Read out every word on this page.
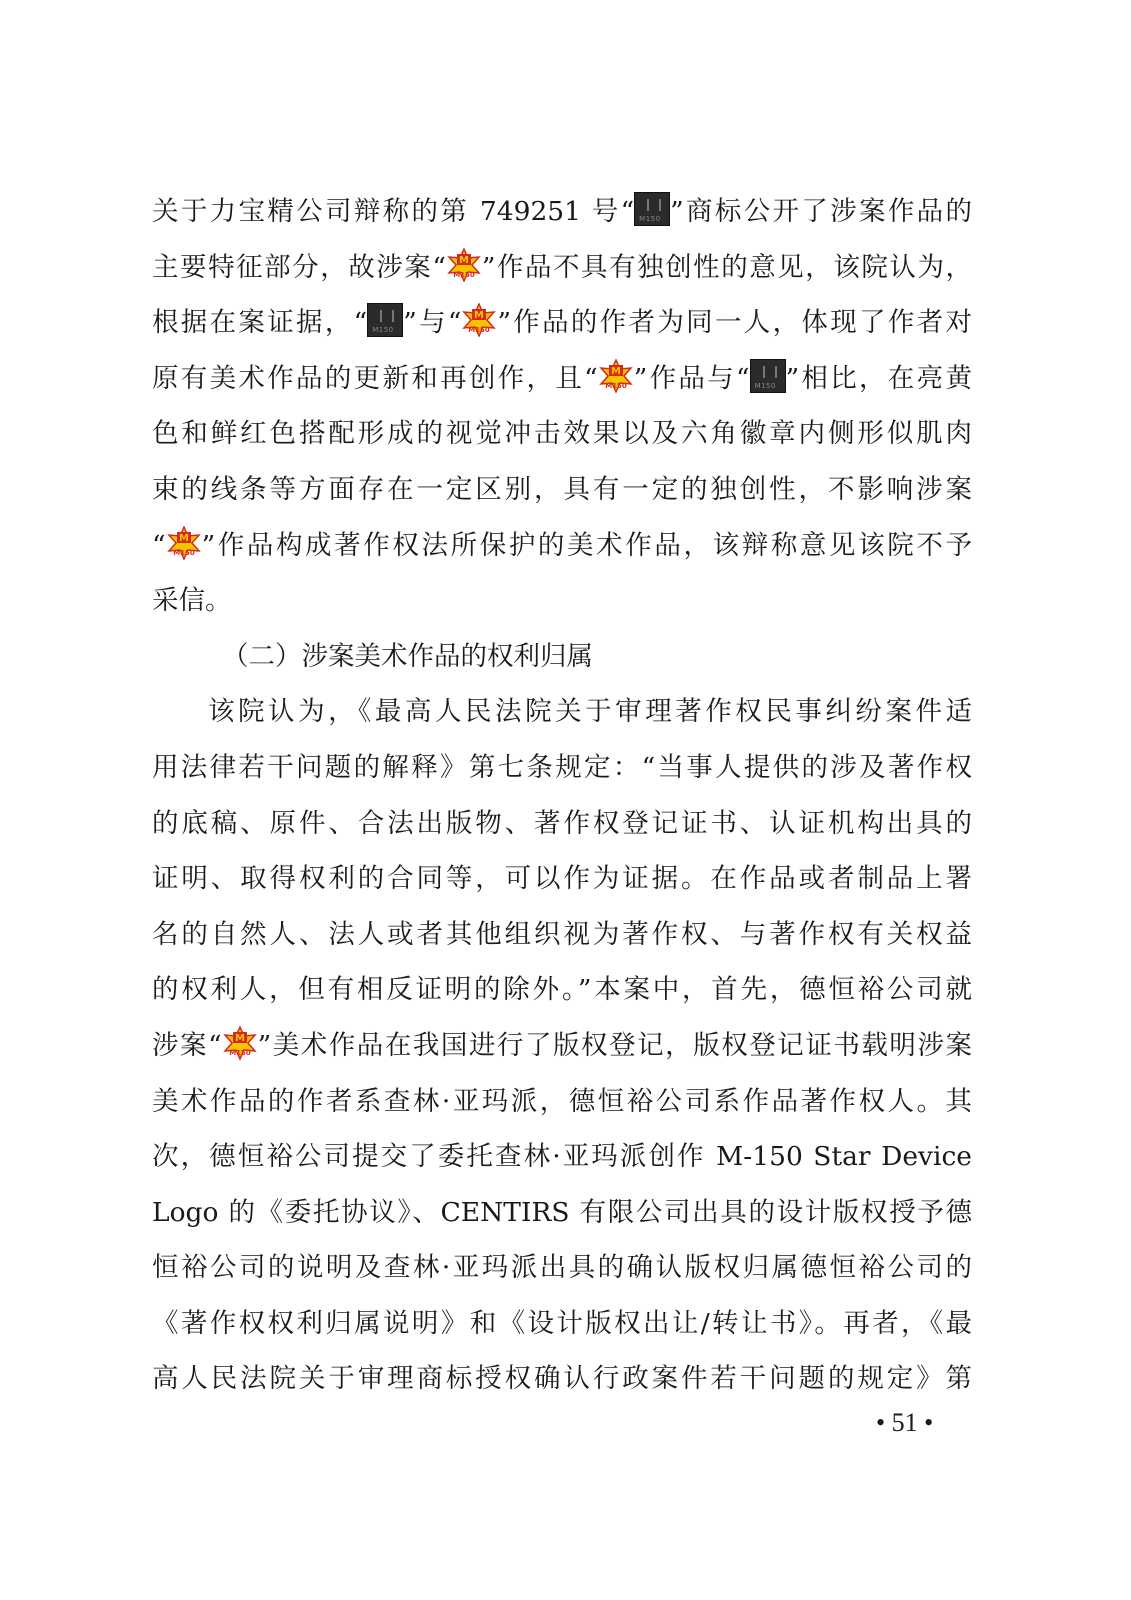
关于力宝精公司辩称的第 749251 号“ M150 ”商标公开了涉案作品的
主要特征部分，故涉案“ M
M150 ”作品不具有独创性的意见，该院认为，
根据在案证据，“ M150 ”与“ M
M150 ”作品的作者为同一人，体现了作者对
原有美术作品的更新和再创作，且“ M
M150 ”作品与“ M150 ”相比，在亮黄
色和鲜红色搭配形成的视觉冲击效果以及六角徽章内侧形似肌肉
束的线条等方面存在一定区别，具有一定的独创性，不影响涉案
“ M
M150 ”作品构成著作权法所保护的美术作品，该辩称意见该院不予
采信。
（二）涉案美术作品的权利归属
该院认为，《最高人民法院关于审理著作权民事纠纷案件适
用法律若干问题的解释》第七条规定：“当事人提供的涉及著作权
的底稿、原件、合法出版物、著作权登记证书、认证机构出具的
证明、取得权利的合同等，可以作为证据。在作品或者制品上署
名的自然人、法人或者其他组织视为著作权、与著作权有关权益
的权利人，但有相反证明的除外。”本案中，首先，德恒裕公司就
涉案“ M
M150 ”美术作品在我国进行了版权登记，版权登记证书载明涉案
美术作品的作者系查林·亚玛派，德恒裕公司系作品著作权人。其
次，德恒裕公司提交了委托查林·亚玛派创作 M-150 Star Device
Logo 的《委托协议》、CENTIRS 有限公司出具的设计版权授予德
恒裕公司的说明及查林·亚玛派出具的确认版权归属德恒裕公司的
《著作权权利归属说明》和《设计版权出让/转让书》。再者，《最
高人民法院关于审理商标授权确认行政案件若干问题的规定》第
• 51 •
